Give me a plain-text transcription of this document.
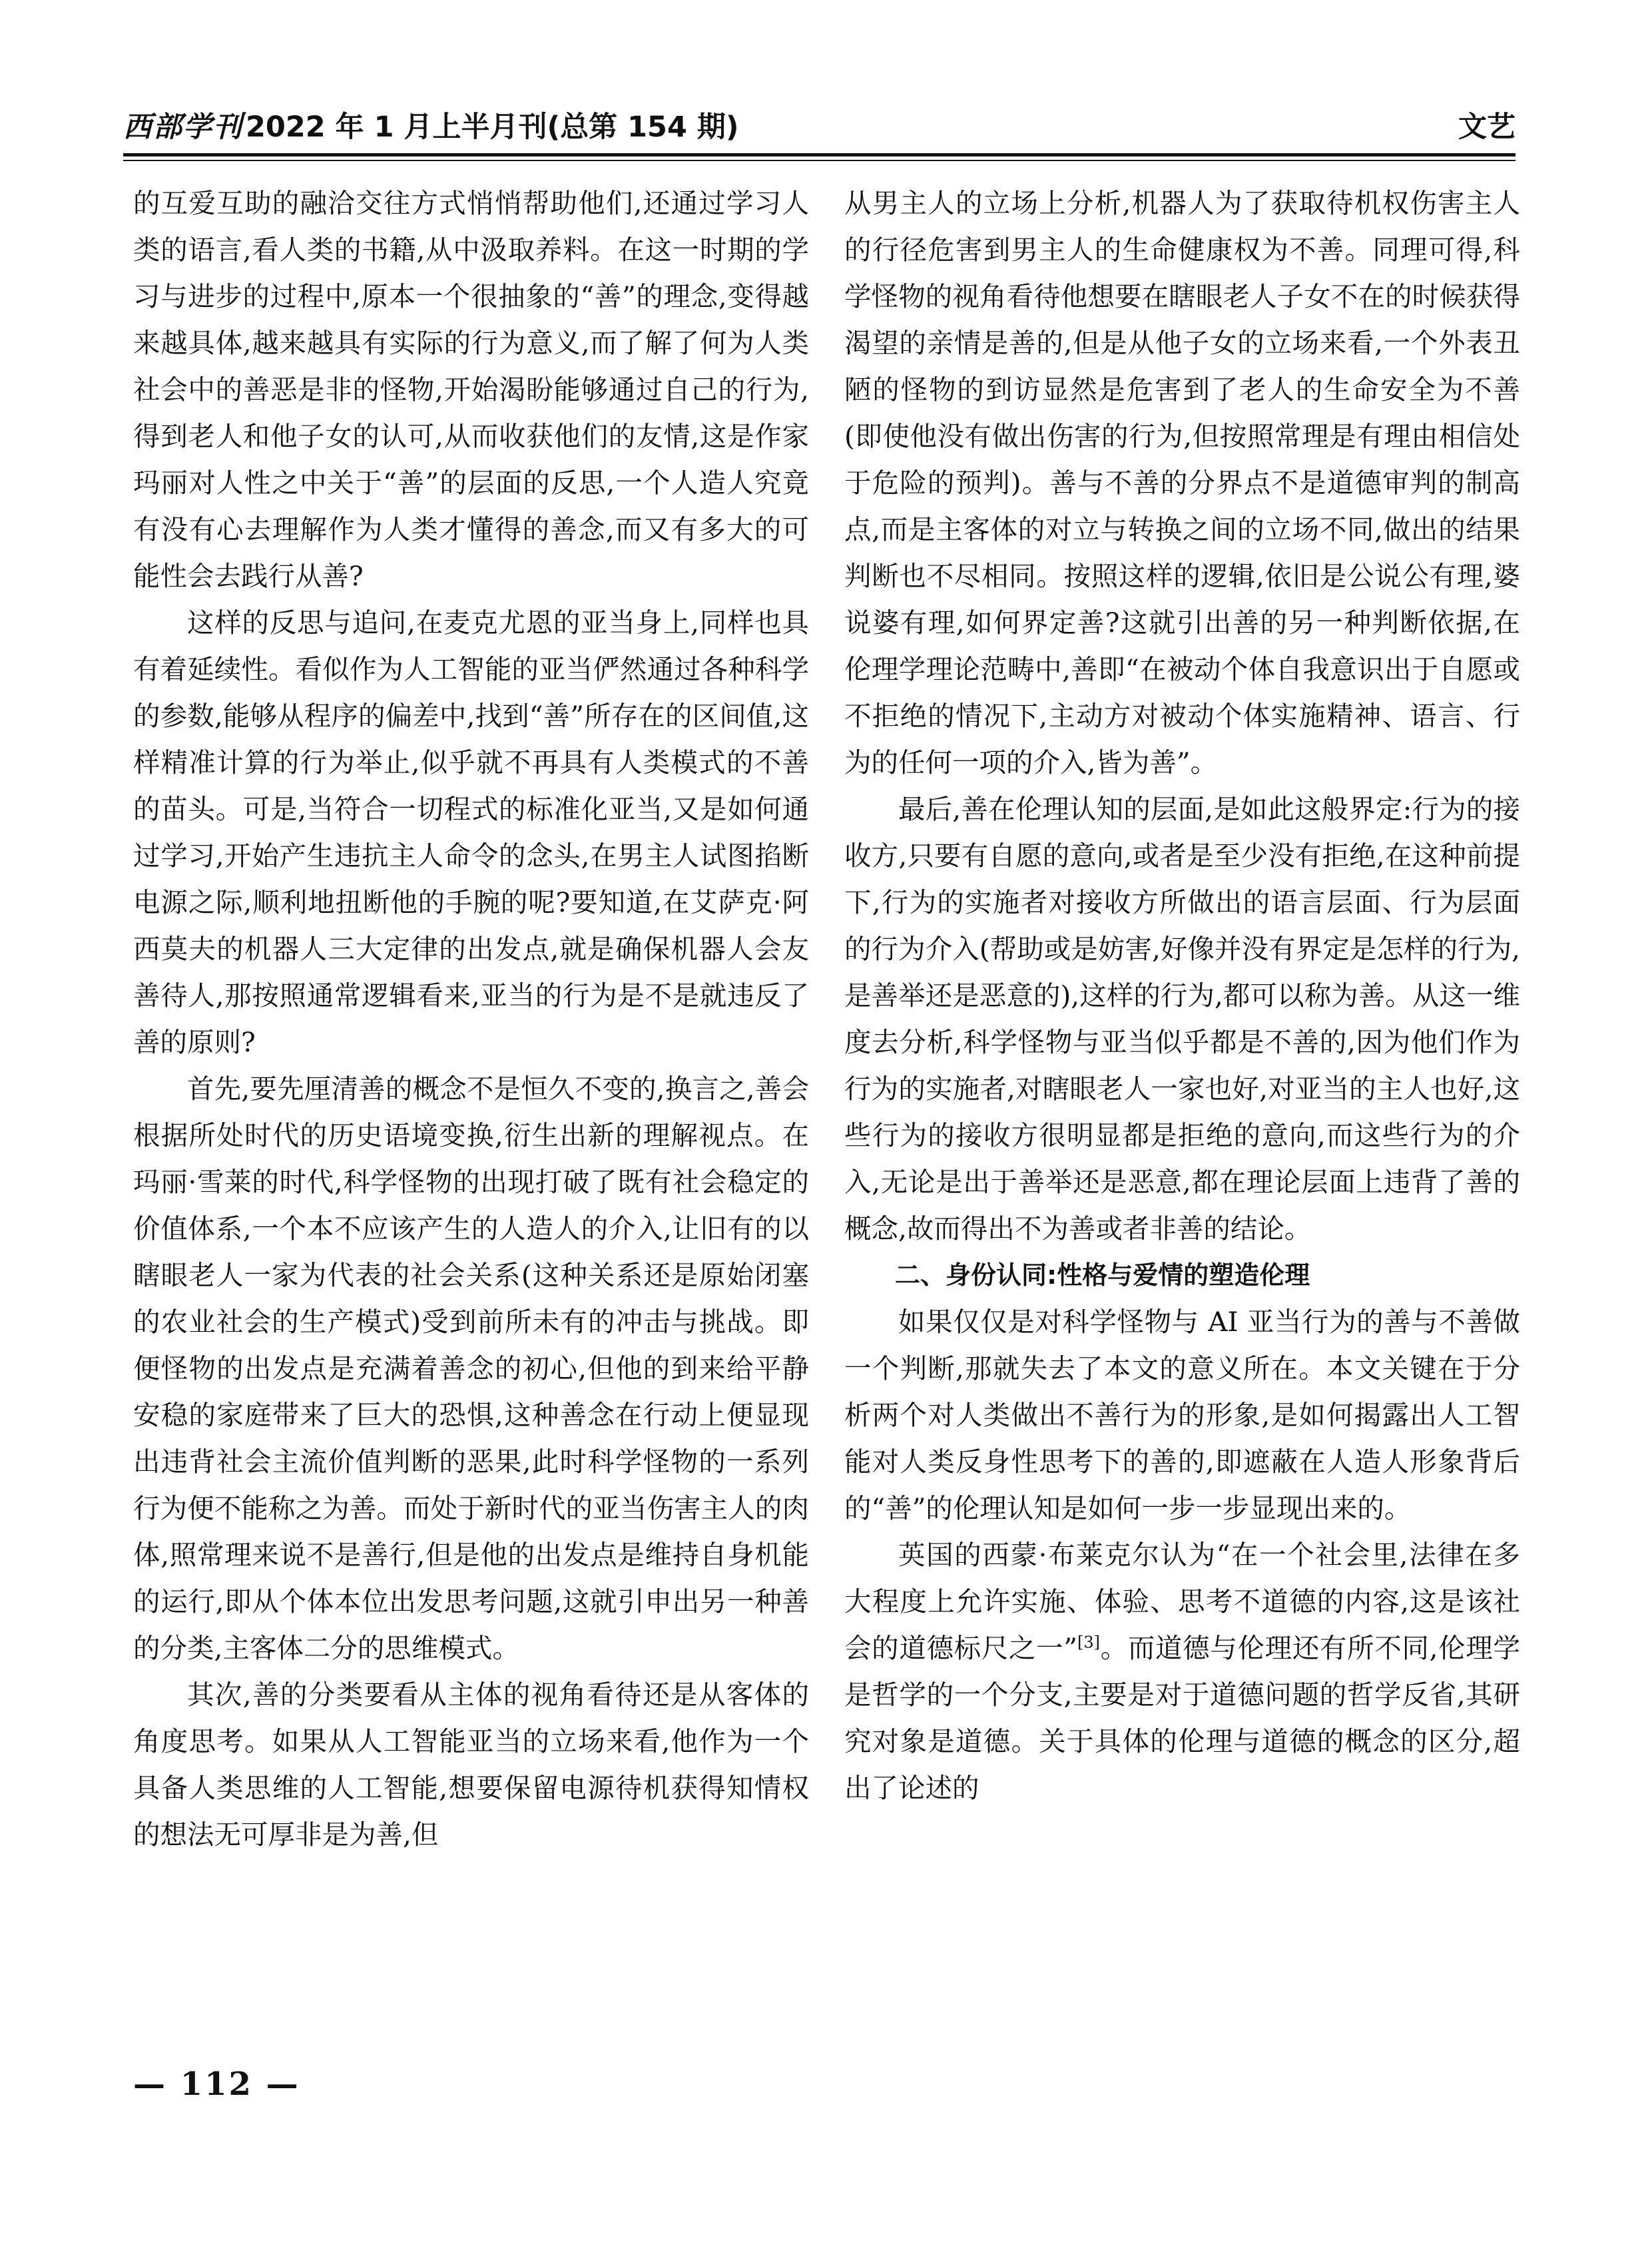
西部学刊2022 年 1 月上半月刊(总第 154 期)	文艺

的互爱互助的融洽交往方式悄悄帮助他们,还通过学习人类的语言,看人类的书籍,从中汲取养料。在这一时期的学习与进步的过程中,原本一个很抽象的“善”的理念,变得越来越具体,越来越具有实际的行为意义,而了解了何为人类社会中的善恶是非的怪物,开始渴盼能够通过自己的行为,得到老人和他子女的认可,从而收获他们的友情,这是作家玛丽对人性之中关于“善”的层面的反思,一个人造人究竟有没有心去理解作为人类才懂得的善念,而又有多大的可能性会去践行从善?

这样的反思与追问,在麦克尤恩的亚当身上,同样也具有着延续性。看似作为人工智能的亚当俨然通过各种科学的参数,能够从程序的偏差中,找到“善”所存在的区间值,这样精准计算的行为举止,似乎就不再具有人类模式的不善的苗头。可是,当符合一切程式的标准化亚当,又是如何通过学习,开始产生违抗主人命令的念头,在男主人试图掐断电源之际,顺利地扭断他的手腕的呢?要知道,在艾萨克·阿西莫夫的机器人三大定律的出发点,就是确保机器人会友善待人,那按照通常逻辑看来,亚当的行为是不是就违反了善的原则?

首先,要先厘清善的概念不是恒久不变的,换言之,善会根据所处时代的历史语境变换,衍生出新的理解视点。在玛丽·雪莱的时代,科学怪物的出现打破了既有社会稳定的价值体系,一个本不应该产生的人造人的介入,让旧有的以瞎眼老人一家为代表的社会关系(这种关系还是原始闭塞的农业社会的生产模式)受到前所未有的冲击与挑战。即便怪物的出发点是充满着善念的初心,但他的到来给平静安稳的家庭带来了巨大的恐惧,这种善念在行动上便显现出违背社会主流价值判断的恶果,此时科学怪物的一系列行为便不能称之为善。而处于新时代的亚当伤害主人的肉体,照常理来说不是善行,但是他的出发点是维持自身机能的运行,即从个体本位出发思考问题,这就引申出另一种善的分类,主客体二分的思维模式。

其次,善的分类要看从主体的视角看待还是从客体的角度思考。如果从人工智能亚当的立场来看,他作为一个具备人类思维的人工智能,想要保留电源待机获得知情权的想法无可厚非是为善,但

从男主人的立场上分析,机器人为了获取待机权伤害主人的行径危害到男主人的生命健康权为不善。同理可得,科学怪物的视角看待他想要在瞎眼老人子女不在的时候获得渴望的亲情是善的,但是从他子女的立场来看,一个外表丑陋的怪物的到访显然是危害到了老人的生命安全为不善(即使他没有做出伤害的行为,但按照常理是有理由相信处于危险的预判)。善与不善的分界点不是道德审判的制高点,而是主客体的对立与转换之间的立场不同,做出的结果判断也不尽相同。按照这样的逻辑,依旧是公说公有理,婆说婆有理,如何界定善?这就引出善的另一种判断依据,在伦理学理论范畴中,善即“在被动个体自我意识出于自愿或不拒绝的情况下,主动方对被动个体实施精神、语言、行为的任何一项的介入,皆为善”。

最后,善在伦理认知的层面,是如此这般界定:行为的接收方,只要有自愿的意向,或者是至少没有拒绝,在这种前提下,行为的实施者对接收方所做出的语言层面、行为层面的行为介入(帮助或是妨害,好像并没有界定是怎样的行为,是善举还是恶意的),这样的行为,都可以称为善。从这一维度去分析,科学怪物与亚当似乎都是不善的,因为他们作为行为的实施者,对瞎眼老人一家也好,对亚当的主人也好,这些行为的接收方很明显都是拒绝的意向,而这些行为的介入,无论是出于善举还是恶意,都在理论层面上违背了善的概念,故而得出不为善或者非善的结论。

二、身份认同:性格与爱情的塑造伦理

如果仅仅是对科学怪物与 AI 亚当行为的善与不善做一个判断,那就失去了本文的意义所在。本文关键在于分析两个对人类做出不善行为的形象,是如何揭露出人工智能对人类反身性思考下的善的,即遮蔽在人造人形象背后的“善”的伦理认知是如何一步一步显现出来的。

英国的西蒙·布莱克尔认为“在一个社会里,法律在多大程度上允许实施、体验、思考不道德的内容,这是该社会的道德标尺之一”[3]。而道德与伦理还有所不同,伦理学是哲学的一个分支,主要是对于道德问题的哲学反省,其研究对象是道德。关于具体的伦理与道德的概念的区分,超出了论述的

— 112 —
